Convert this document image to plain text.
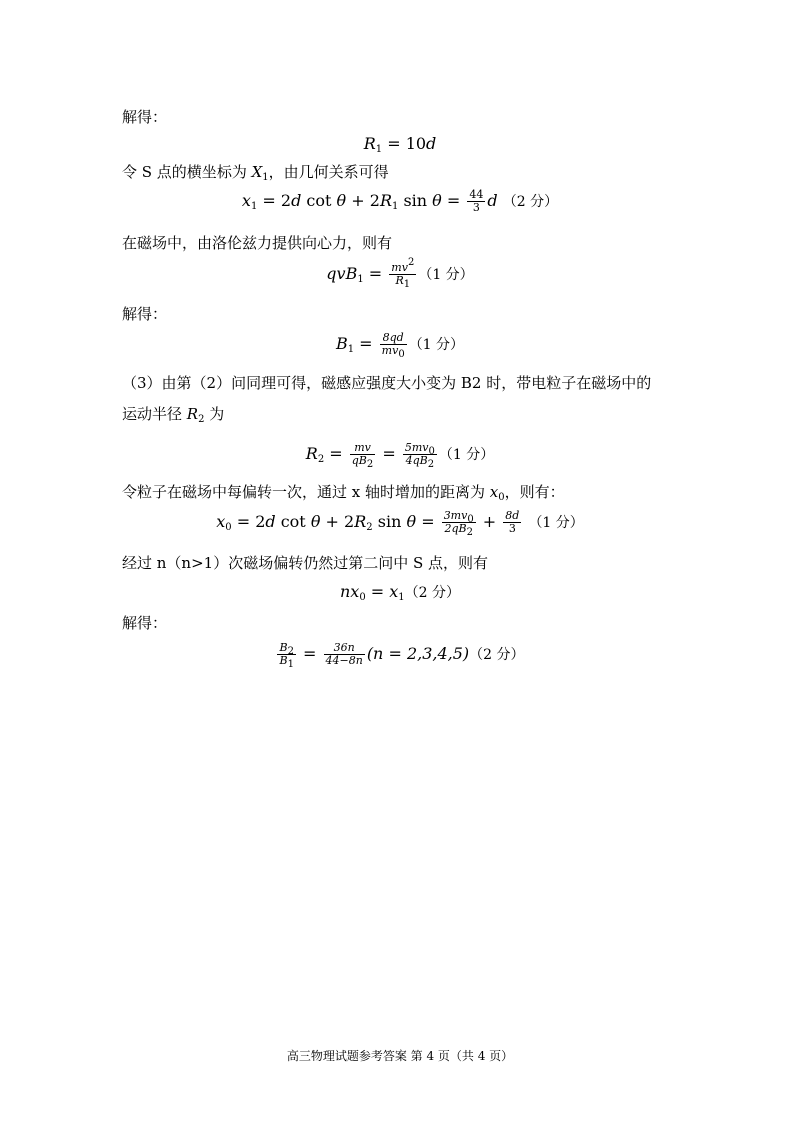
解得：
$R_1 = 10d$
令 S 点的横坐标为 $X_1$，由几何关系可得
$x_1 = 2d$ $\cot \theta + 2R_1$ $\sin \theta = \frac{44}{3}$ d （2 分）
在磁场中，由洛伦兹力提供向心力，则有
$qvB_1 = \frac{mv^2}{R_1} (1$ 分）
解得：
$B_1 = \frac{8qd}{mv_0} (1$ 分）
（3）由第（2）问同理可得，磁感应强度大小变为 B2 时，带电粒子在磁场中的
运动半径 $R_2$ 为
$R_2 = \frac{mv}{qB_2} = \frac{5mv_0}{4qB_2} (1$ 分）
令粒子在磁场中每偏转一次，通过 x 轴时增加的距离为 $x_0$，则有：
$x_0 = 2d$ $\cot \theta + 2R_2$ $\sin \theta = \frac{3mv_0}{2qB_2} + \frac{8d}{3} (1$ 分）
经过 n（n>1）次磁场偏转仍然过第二问中 S 点，则有
$nx_0 = x_1(2$ 分）
解得：
$\frac{B_2}{B_1} = \frac{36n}{44-8n} (n = 2,3,4,5)(2$ 分）
高三物理试题参考答案 第 4 页（共 4 页）
